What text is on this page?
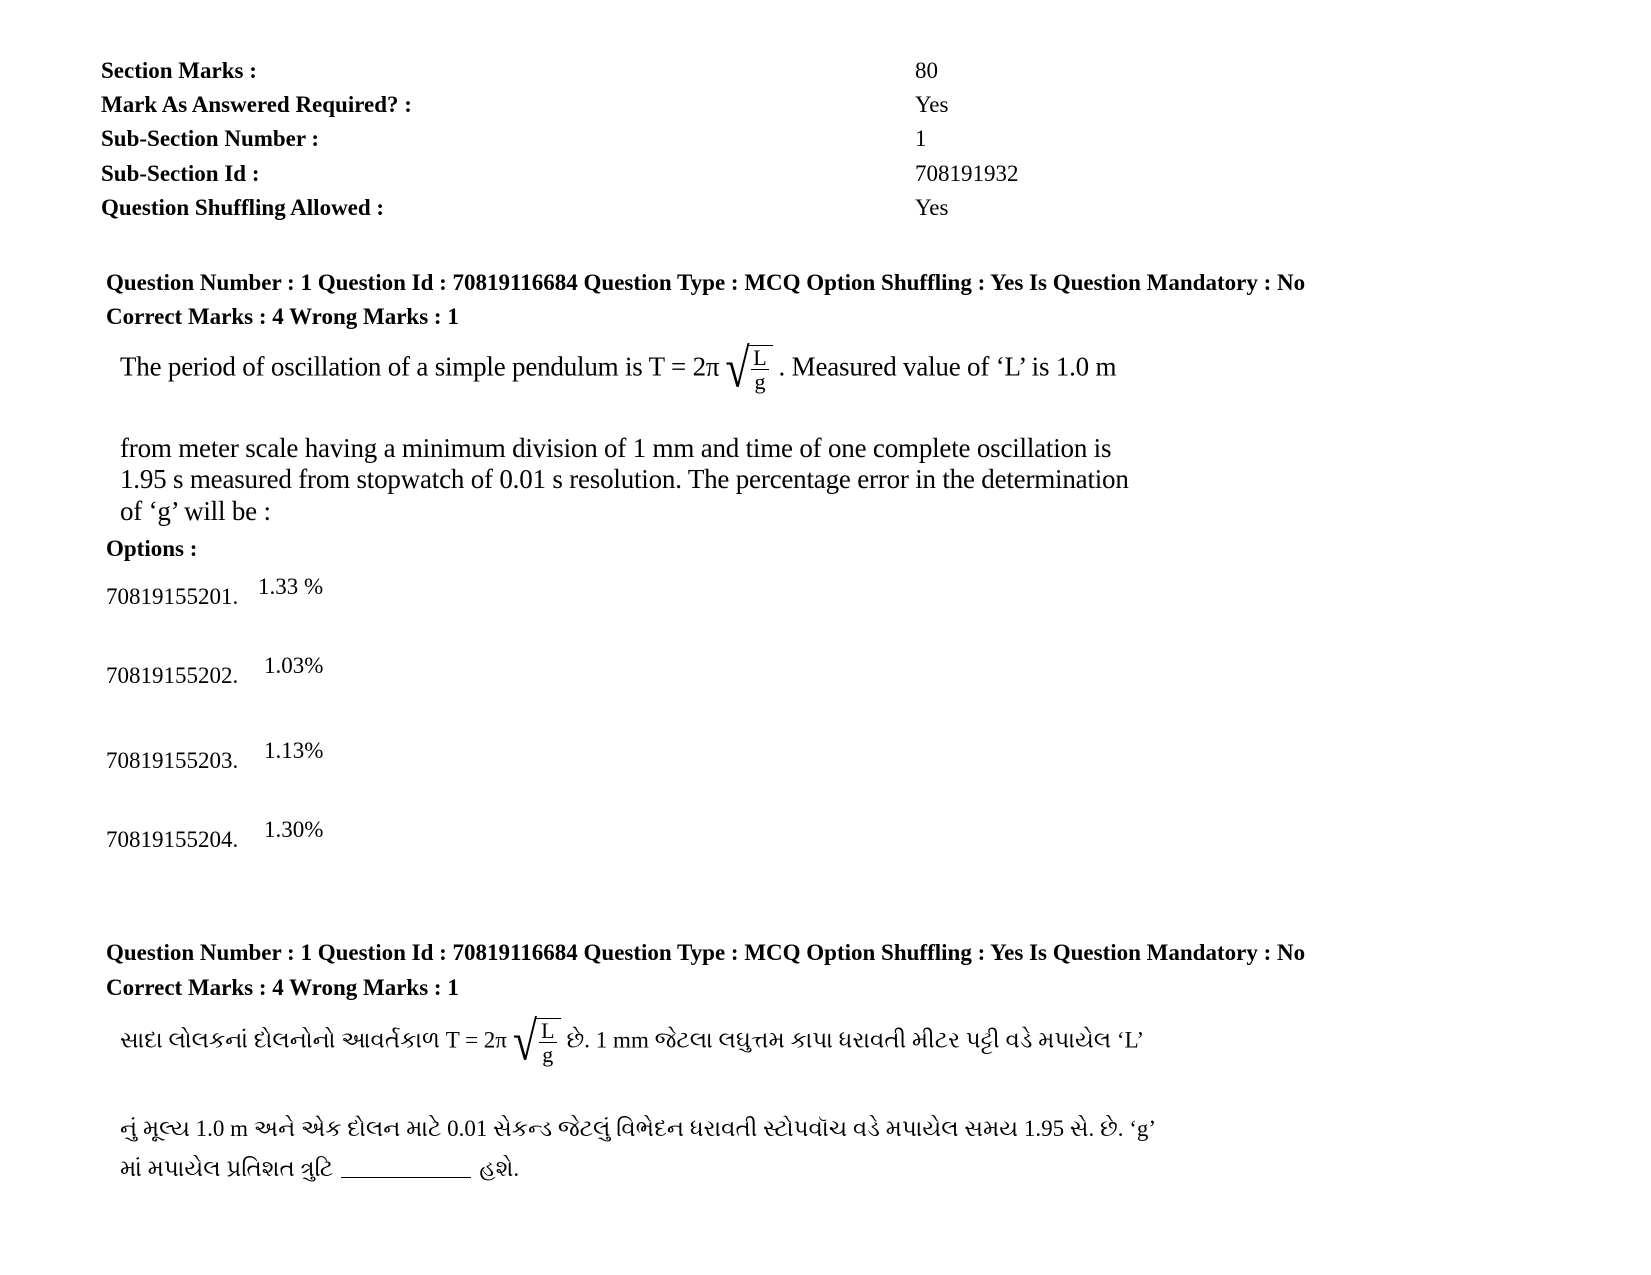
Section Marks :	80
Mark As Answered Required? :	Yes
Sub-Section Number :	1
Sub-Section Id :	708191932
Question Shuffling Allowed :	Yes
Question Number : 1 Question Id : 70819116684 Question Type : MCQ Option Shuffling : Yes Is Question Mandatory : No
Correct Marks : 4 Wrong Marks : 1
The period of oscillation of a simple pendulum is T = 2π √
$\frac{L}{g}$ . Measured value of ‘L’ is 1.0 m
from meter scale having a minimum division of 1 mm and time of one complete oscillation is
1.95 s measured from stopwatch of 0.01 s resolution. The percentage error in the determination
of ‘g’ will be :
Options :
70819155201. 1.33 %
70819155202. 1.03%
70819155203. 1.13%
70819155204. 1.30%
Question Number : 1 Question Id : 70819116684 Question Type : MCQ Option Shuffling : Yes Is Question Mandatory : No
Correct Marks : 4 Wrong Marks : 1
સાદા લોલકનાં દોલનોનો આવર્તકાળ T = 2π √
$\frac{L}{g}$ છે. 1 mm જેટલા લઘુત્તમ કાપા ધરાવતી મીટર પટ્ટી વડે મપાયેલ ‘L’
નું મૂલ્ય 1.0 m અને એક દોલન માટે 0.01 સેકન્ડ જેટલું વિભેદન ધરાવતી સ્ટોપવૉચ વડે મપાયેલ સમય 1.95 સે. છે. ‘g’
માં મપાયેલ પ્રતિશત ત્રુટિ	હશે.
